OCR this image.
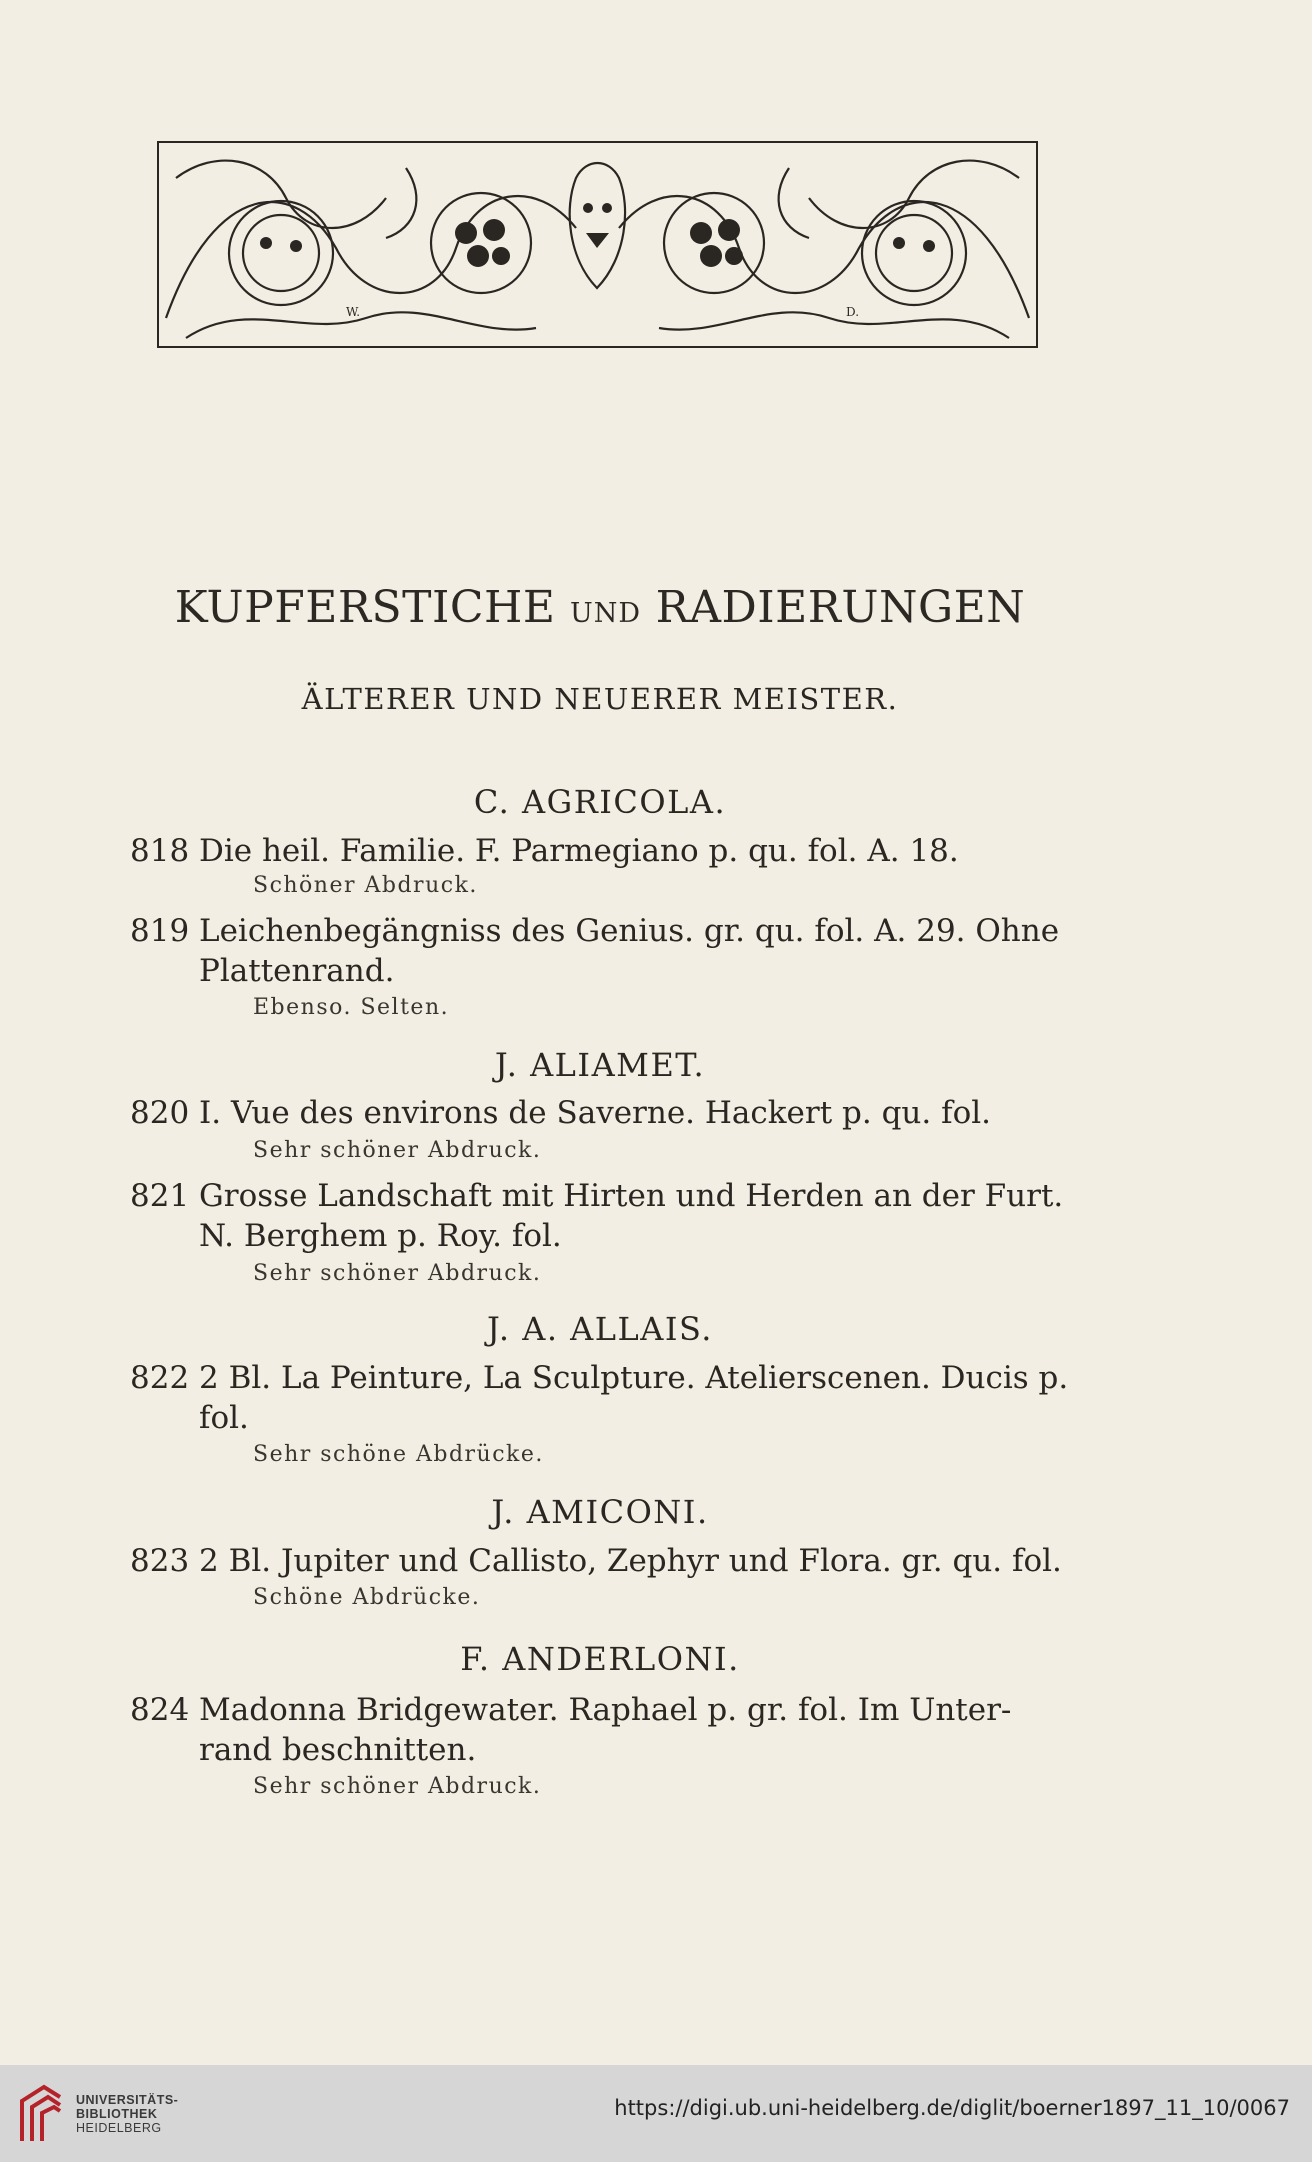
W.	D.
KUPFERSTICHE UND RADIERUNGEN
ÄLTERER UND NEUERER MEISTER.
C. AGRICOLA.
818 Die heil. Familie. F. Parmegiano p. qu. fol. A. 18.
Schöner Abdruck.
819 Leichenbegängniss des Genius. gr. qu. fol. A. 29. Ohne
Plattenrand.
Ebenso. Selten.
J. ALIAMET.
820 I. Vue des environs de Saverne. Hackert p. qu. fol.
Sehr schöner Abdruck.
821 Grosse Landschaft mit Hirten und Herden an der Furt.
N. Berghem p. Roy. fol.
Sehr schöner Abdruck.
J. A. ALLAIS.
822 2 Bl. La Peinture, La Sculpture. Atelierscenen. Ducis p.
fol.
Sehr schöne Abdrücke.
J. AMICONI.
823 2 Bl. Jupiter und Callisto, Zephyr und Flora. gr. qu. fol.
Schöne Abdrücke.
F. ANDERLONI.
824 Madonna Bridgewater. Raphael p. gr. fol. Im Unter-
rand beschnitten.
Sehr schöner Abdruck.
UNIVERSITÄTS-
BIBLIOTHEK
HEIDELBERG
https://digi.ub.uni-heidelberg.de/diglit/boerner1897_11_10/0067
